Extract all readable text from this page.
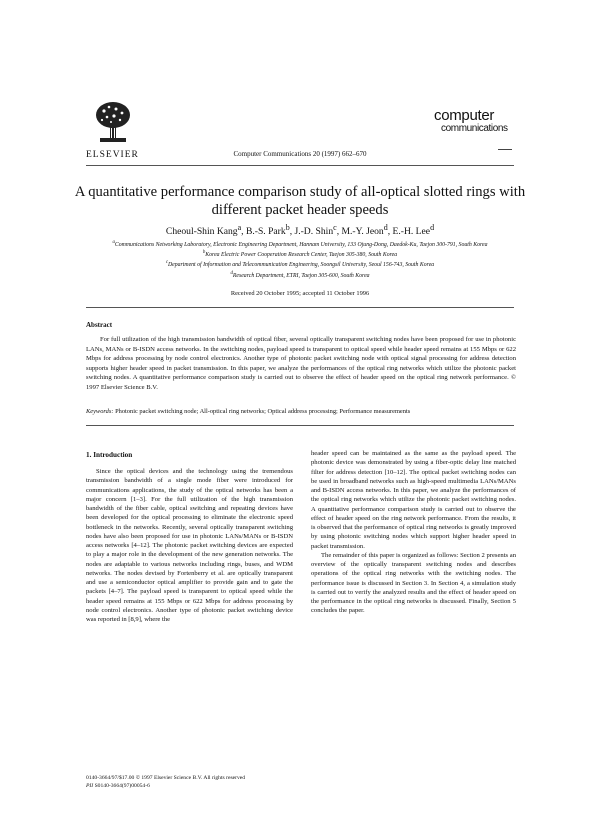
ELSEVIER	Computer Communications 20 (1997) 662–670
computer
communications
A quantitative performance comparison study of all-optical slotted rings with different packet header speeds
Cheoul-Shin Kang$^a$, B.-S. Park$^b$, J.-D. Shin$^c$, M.-Y. Jeon$^d$, E.-H. Lee$^d$
$^a$Communications Networking Laboratory, Electronic Engineering Department, Hannam University, 133 Ojung-Dong, Daedok-Ku, Taejon 300-791, South Korea
$^b$Korea Electric Power Cooperation Research Center, Taejon 305-380, South Korea
$^c$Department of Information and Telecommunication Engineering, Soongsil University, Seoul 156-743, South Korea
$^d$Research Department, ETRI, Taejon 305-600, South Korea
Received 20 October 1995; accepted 11 October 1996
Abstract
For full utilization of the high transmission bandwidth of optical fiber, several optically transparent switching nodes have been proposed for use in photonic LANs, MANs or B-ISDN access networks. In the switching nodes, payload speed is transparent to optical speed while header speed remains at 155 Mbps or 622 Mbps for address processing by node control electronics. Another type of photonic packet switching node with optical signal processing for address detection supports higher header speed in packet transmission. In this paper, we analyze the performances of the optical ring networks which utilize the photonic packet switching nodes. A quantitative performance comparison study is carried out to observe the effect of header speed on the optical ring network performance. © 1997 Elsevier Science B.V.
Keywords: Photonic packet switching node; All-optical ring networks; Optical address processing; Performance measurements
1. Introduction
Since the optical devices and the technology using the tremendous transmission bandwidth of a single mode fiber were introduced for communications applications, the study of the optical networks has been a major concern [1–3]. For the full utilization of the high transmission bandwidth of the fiber cable, optical switching and repeating devices have been developed for the optical processing to eliminate the electronic speed bottleneck in the networks. Recently, several optically transparent switching nodes have also been proposed for use in photonic LANs/MANs or B-ISDN access networks [4–12]. The photonic packet switching devices are expected to play a major role in the development of the new generation networks. The nodes are adaptable to various networks including rings, buses, and WDM networks. The nodes devised by Fortenberry et al. are optically transparent and use a semiconductor optical amplifier to provide gain and to gate the packets [4–7]. The payload speed is transparent to optical speed while the header speed remains at 155 Mbps or 622 Mbps for address processing by node control electronics. Another type of photonic packet switching device was reported in [8,9], where the

header speed can be maintained as the same as the payload speed. The photonic device was demonstrated by using a fiber-optic delay line matched filter for address detection [10–12]. The optical packet switching nodes can be used in broadband networks such as high-speed multimedia LANs/MANs and B-ISDN access networks. In this paper, we analyze the performances of the optical ring networks which utilize the photonic packet switching nodes. A quantitative performance comparison study is carried out to observe the effect of header speed on the ring network performance. From the results, it is observed that the performance of optical ring networks is greatly improved by using photonic switching nodes which support higher header speed in packet transmission.

The remainder of this paper is organized as follows: Section 2 presents an overview of the optically transparent switching nodes and describes operations of the optical ring networks with the switching nodes. The performance issue is discussed in Section 3. In Section 4, a simulation study is carried out to verify the analyzed results and the effect of header speed on the performance in the optical ring networks is discussed. Finally, Section 5 concludes the paper.

0140-3664/97/$17.00 © 1997 Elsevier Science B.V. All rights reserved
PII S0140-3664(97)00054-6
